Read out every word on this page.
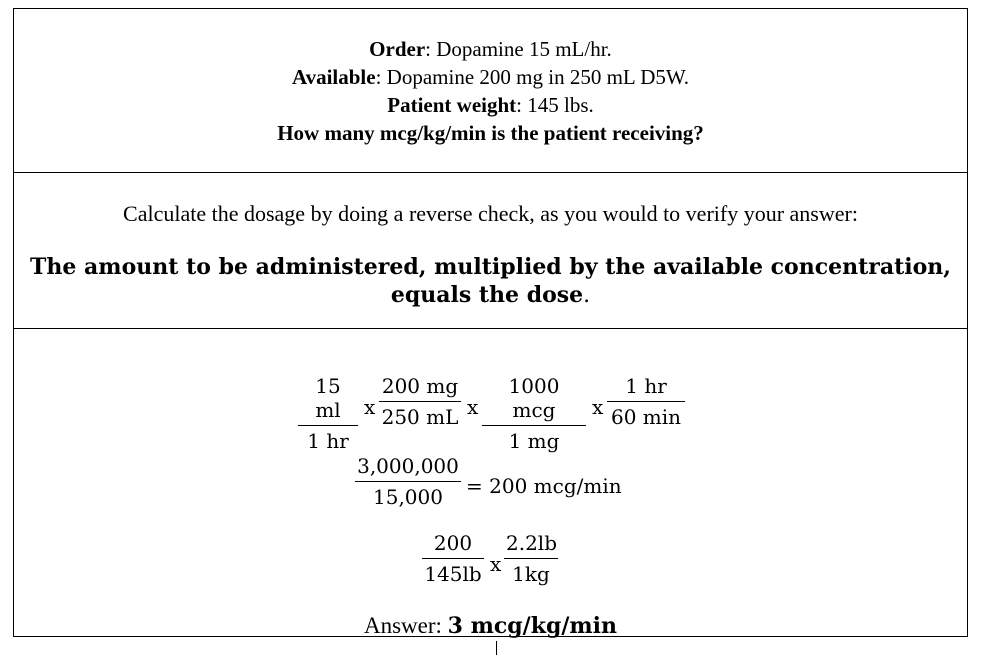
Order: Dopamine 15 mL/hr.
Available: Dopamine 200 mg in 250 mL D5W.
Patient weight: 145 lbs.
How many mcg/kg/min is the patient receiving?
Calculate the dosage by doing a reverse check, as you would to verify your answer:
The amount to be administered, multiplied by the available concentration, equals the dose.
15 ml
1 hr
x
200 mg
250 mL x
1000 mcg
1 mg
x
1 hr
60 min
3,000,000
15,000	= 200 mcg/min
200
145lb x
2.2lb
1kg
Answer: 3 mcg/kg/min
